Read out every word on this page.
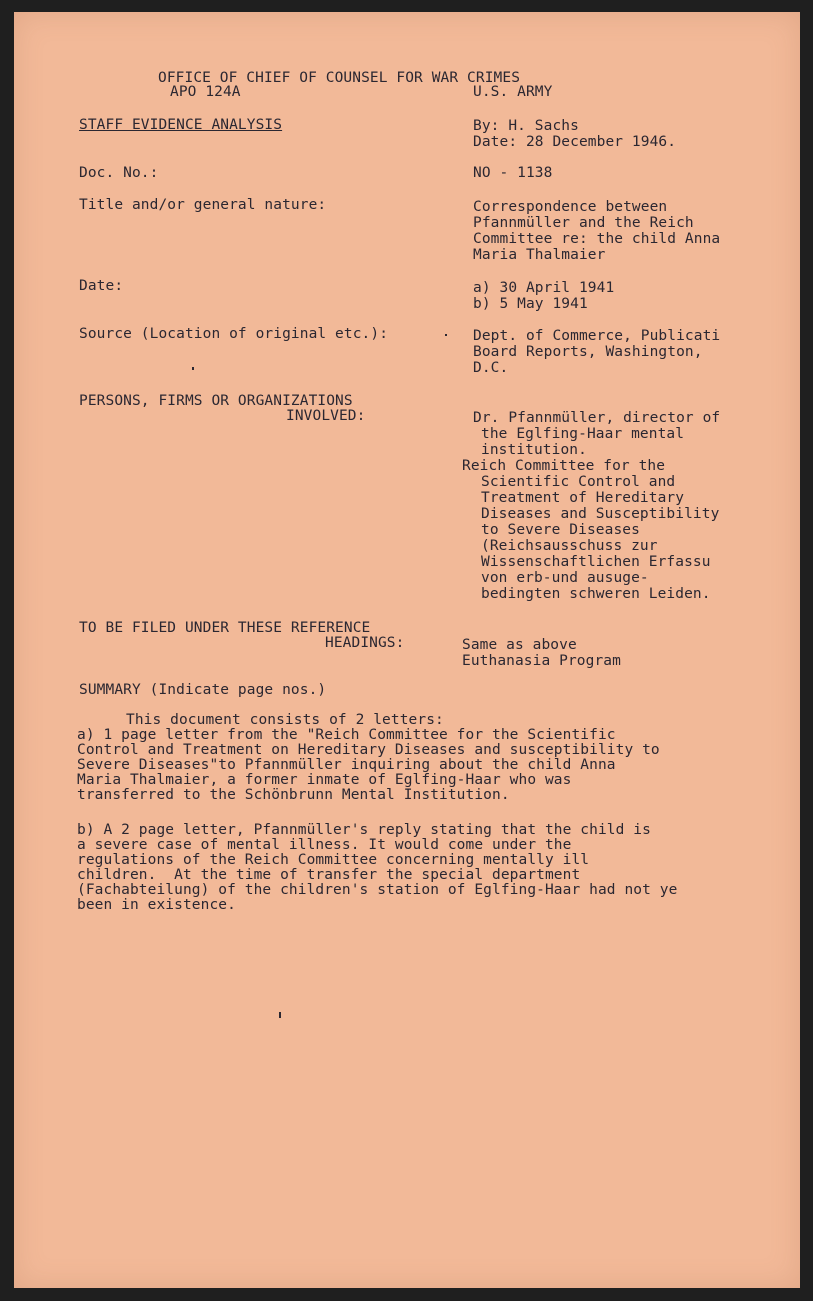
OFFICE OF CHIEF OF COUNSEL FOR WAR CRIMES
APO 124A	U.S. ARMY
STAFF EVIDENCE ANALYSIS	By: H. Sachs
Date: 28 December 1946.
Doc. No.:	NO - 1138
Title and/or general nature:	Correspondence between
Pfannmüller and the Reich
Committee re: the child Anna
Maria Thalmaier
Date:	a) 30 April 1941
b) 5 May 1941
Source (Location of original etc.):	Dept. of Commerce, Publicati
Board Reports, Washington,
D.C.
PERSONS, FIRMS OR ORGANIZATIONS
INVOLVED:	Dr. Pfannmüller, director of
the Eglfing-Haar mental
institution.
Reich Committee for the
Scientific Control and
Treatment of Hereditary
Diseases and Susceptibility
to Severe Diseases
(Reichsausschuss zur
Wissenschaftlichen Erfassu
von erb-und ausuge-
bedingten schweren Leiden.
TO BE FILED UNDER THESE REFERENCE
HEADINGS:	Same as above
Euthanasia Program
SUMMARY (Indicate page nos.)
This document consists of 2 letters:
a) 1 page letter from the "Reich Committee for the Scientific
Control and Treatment on Hereditary Diseases and susceptibility to
Severe Diseases"to Pfannmüller inquiring about the child Anna
Maria Thalmaier, a former inmate of Eglfing-Haar who was
transferred to the Schönbrunn Mental Institution.
b) A 2 page letter, Pfannmüller's reply stating that the child is
a severe case of mental illness. It would come under the
regulations of the Reich Committee concerning mentally ill
children.  At the time of transfer the special department
(Fachabteilung) of the children's station of Eglfing-Haar had not ye
been in existence.
